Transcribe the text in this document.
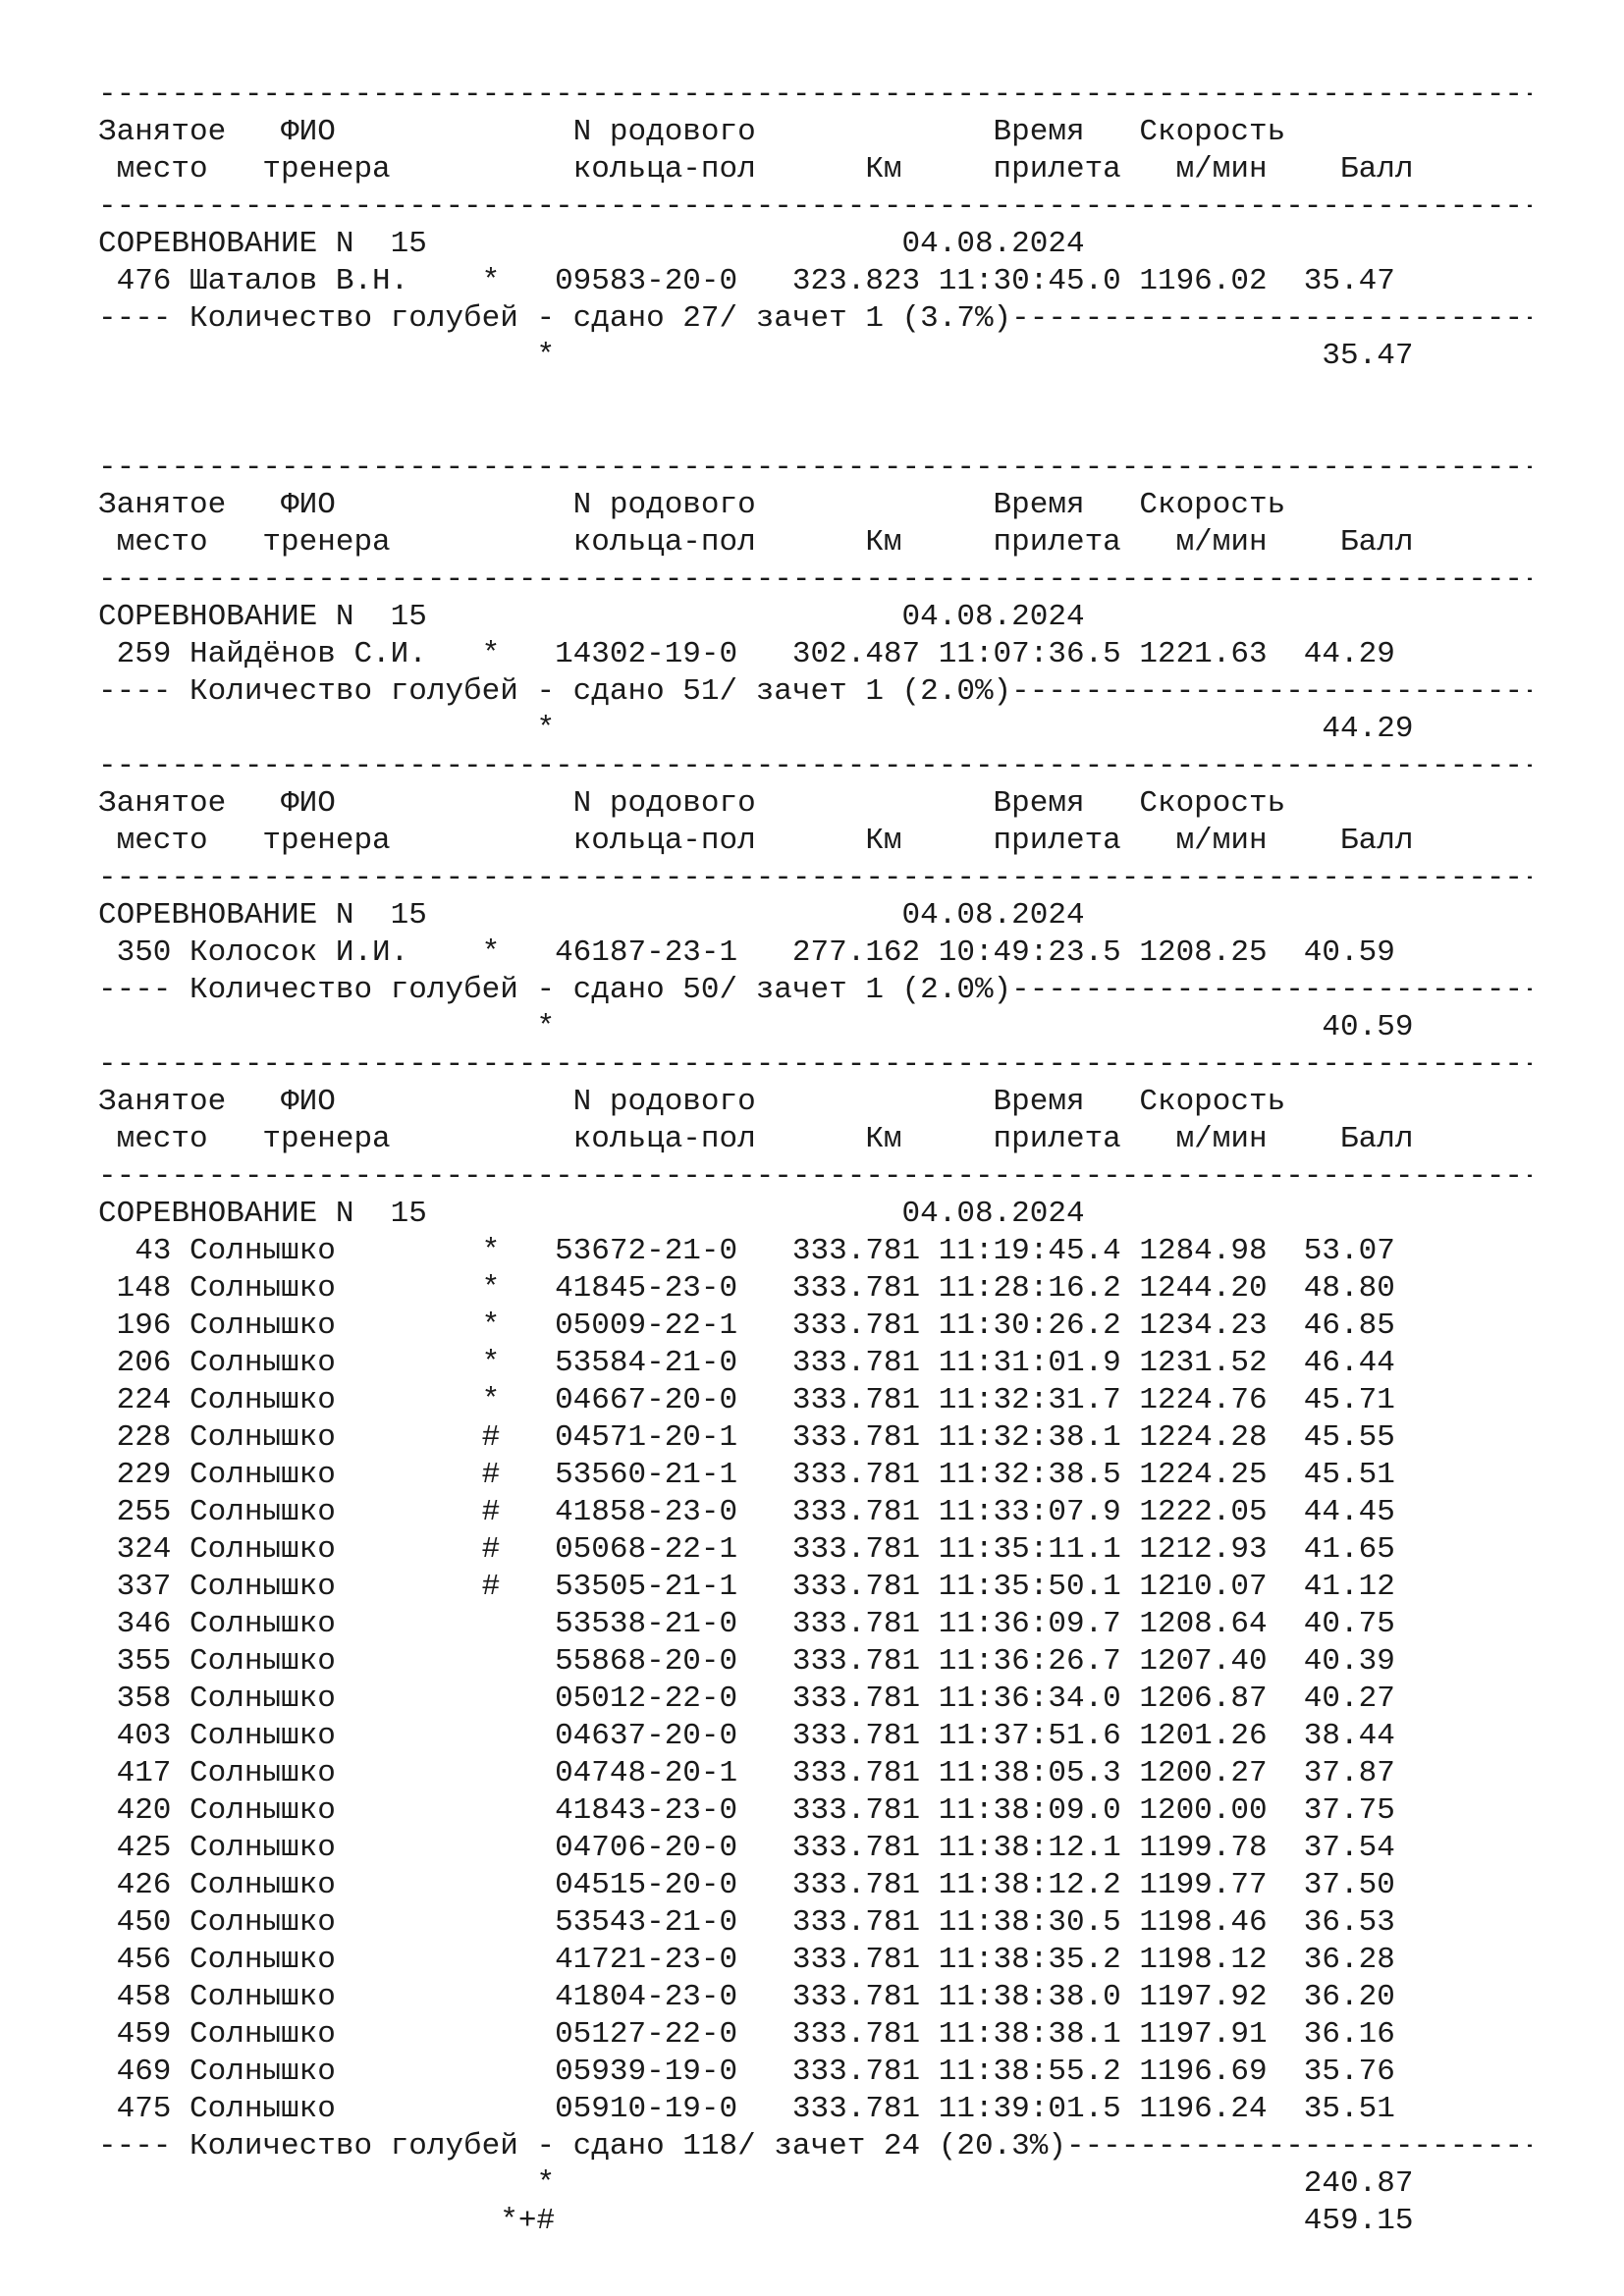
-----
Занятое   ФИО             N родового             Время   Скорость
место   тренера          кольца-пол      Км     прилета   м/мин    Балл
-----
СОРЕВНОВАНИЕ N  15                          04.08.2024
476 Шаталов В.Н.    *   09583-20-0   323.823 11:30:45.0 1196.02  35.47
---- Количество голубей - сдано 27/ зачет 1 (3.7%) -----
*                                          35.47
-----
Занятое   ФИО             N родового             Время   Скорость
место   тренера          кольца-пол      Км     прилета   м/мин    Балл
-----
СОРЕВНОВАНИЕ N  15                          04.08.2024
259 Найдёнов С.И.   *   14302-19-0   302.487 11:07:36.5 1221.63  44.29
---- Количество голубей - сдано 51/ зачет 1 (2.0%) -----
*                                          44.29
-----
Занятое   ФИО             N родового             Время   Скорость
место   тренера          кольца-пол      Км     прилета   м/мин    Балл
-----
СОРЕВНОВАНИЕ N  15                          04.08.2024
350 Колосок И.И.    *   46187-23-1   277.162 10:49:23.5 1208.25  40.59
---- Количество голубей - сдано 50/ зачет 1 (2.0%) -----
*                                          40.59
-----
Занятое   ФИО             N родового             Время   Скорость
место   тренера          кольца-пол      Км     прилета   м/мин    Балл
-----
СОРЕВНОВАНИЕ N  15                          04.08.2024
43 Солнышко        *   53672-21-0   333.781 11:19:45.4 1284.98  53.07
148 Солнышко        *   41845-23-0   333.781 11:28:16.2 1244.20  48.80
196 Солнышко        *   05009-22-1   333.781 11:30:26.2 1234.23  46.85
206 Солнышко        *   53584-21-0   333.781 11:31:01.9 1231.52  46.44
224 Солнышко        *   04667-20-0   333.781 11:32:31.7 1224.76  45.71
228 Солнышко        #   04571-20-1   333.781 11:32:38.1 1224.28  45.55
229 Солнышко        #   53560-21-1   333.781 11:32:38.5 1224.25  45.51
255 Солнышко        #   41858-23-0   333.781 11:33:07.9 1222.05  44.45
324 Солнышко        #   05068-22-1   333.781 11:35:11.1 1212.93  41.65
337 Солнышко        #   53505-21-1   333.781 11:35:50.1 1210.07  41.12
346 Солнышко            53538-21-0   333.781 11:36:09.7 1208.64  40.75
355 Солнышко            55868-20-0   333.781 11:36:26.7 1207.40  40.39
358 Солнышко            05012-22-0   333.781 11:36:34.0 1206.87  40.27
403 Солнышко            04637-20-0   333.781 11:37:51.6 1201.26  38.44
417 Солнышко            04748-20-1   333.781 11:38:05.3 1200.27  37.87
420 Солнышко            41843-23-0   333.781 11:38:09.0 1200.00  37.75
425 Солнышко            04706-20-0   333.781 11:38:12.1 1199.78  37.54
426 Солнышко            04515-20-0   333.781 11:38:12.2 1199.77  37.50
450 Солнышко            53543-21-0   333.781 11:38:30.5 1198.46  36.53
456 Солнышко            41721-23-0   333.781 11:38:35.2 1198.12  36.28
458 Солнышко            41804-23-0   333.781 11:38:38.0 1197.92  36.20
459 Солнышко            05127-22-0   333.781 11:38:38.1 1197.91  36.16
469 Солнышко            05939-19-0   333.781 11:38:55.2 1196.69  35.76
475 Солнышко            05910-19-0   333.781 11:39:01.5 1196.24  35.51
---- Количество голубей - сдано 118/ зачет 24 (20.3%) -----
*                                         240.87
*+#                                         459.15
